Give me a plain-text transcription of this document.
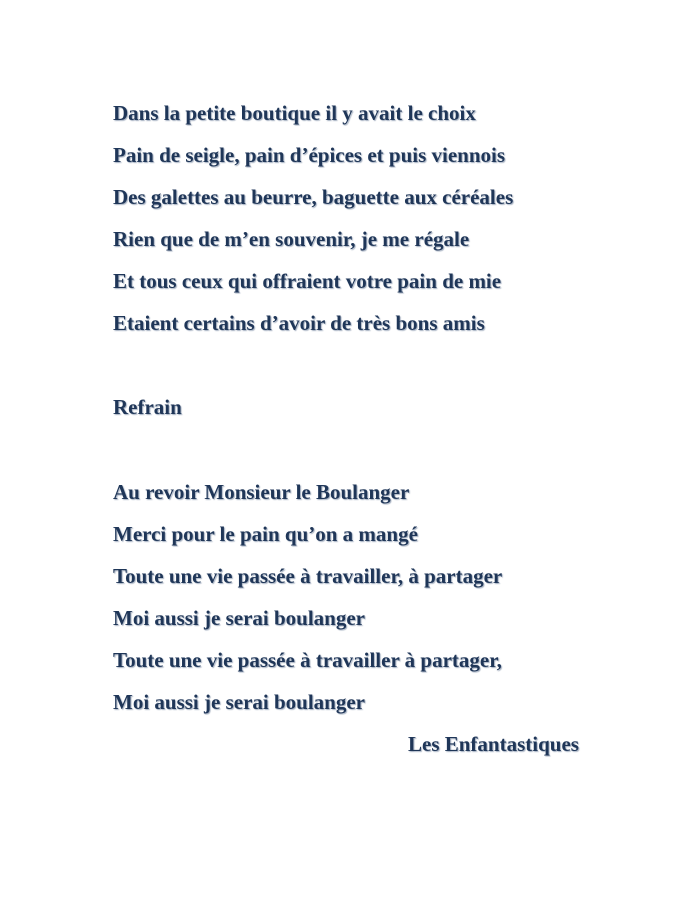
Dans la petite boutique il y avait le choix

Pain de seigle, pain d’épices et puis viennois

Des galettes au beurre, baguette aux céréales

Rien que de m’en souvenir, je me régale

Et tous ceux qui offraient votre pain de mie

Etaient certains d’avoir de très bons amis

Refrain

Au revoir Monsieur le Boulanger

Merci pour le pain qu’on a mangé

Toute une vie passée à travailler, à partager

Moi aussi je serai boulanger

Toute une vie passée à travailler à partager,

Moi aussi je serai boulanger

Les Enfantastiques
